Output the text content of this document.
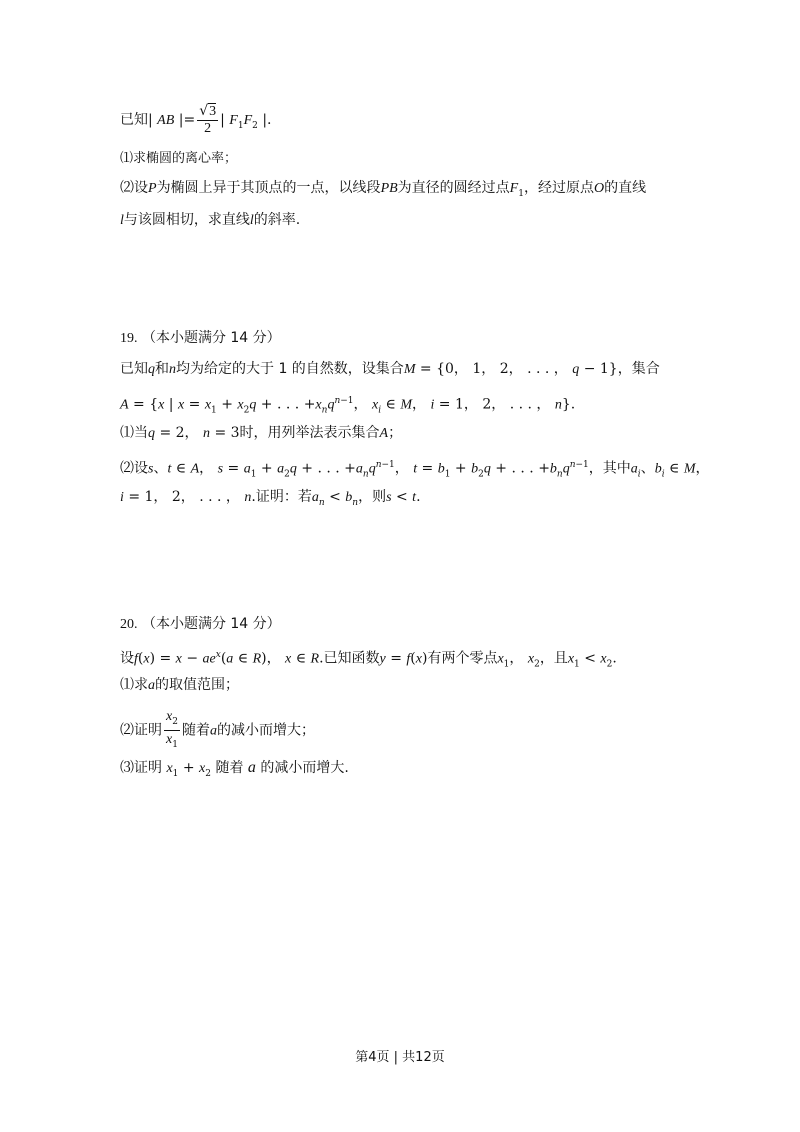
已知| AB |= $\frac{√3}{2}$ | $F_1F_2$ |.
⑴求椭圆的离心率；
⑵设P为椭圆上异于其顶点的一点，以线段PB为直径的圆经过点$F_1$，经过原点O的直线
l与该圆相切，求直线l的斜率.
19. （本小题满分 14 分）
已知q和n均为给定的大于 1 的自然数，设集合M = {0， 1， 2， . . . ， q − 1}，集合
A = {x | $x = x_1 + x_2q$ + . . . $+x_nq^{n-1}$， $x_i$ ∈ M， i = 1， 2， . . . ， n}.
⑴当q = 2， n = 3时，用列举法表示集合A；
⑵设s、t ∈ A， $s = a_1 + a_2q$ + . . . $+a_nq^{n-1}$， $t = b_1 + b_2q$ + . . . $+b_nq^{n-1}$，其中$a_i$、$b_i$ ∈ M，
i = 1， 2， . . . ， n.证明：若$a_n < b_n$，则s < t.
20. （本小题满分 14 分）
设$f(x) = x - ae^x(a$ ∈ R)， x ∈ R.已知函数y = f(x)有两个零点$x_1$， $x_2$，且$x_1 < x_2$.
⑴求a的取值范围；
⑵证明 $\frac{x_2}{x_1}$ 随着a的减小而增大；
⑶证明 $x_1 + x_2$ 随着 a 的减小而增大.
第4页 | 共12页
